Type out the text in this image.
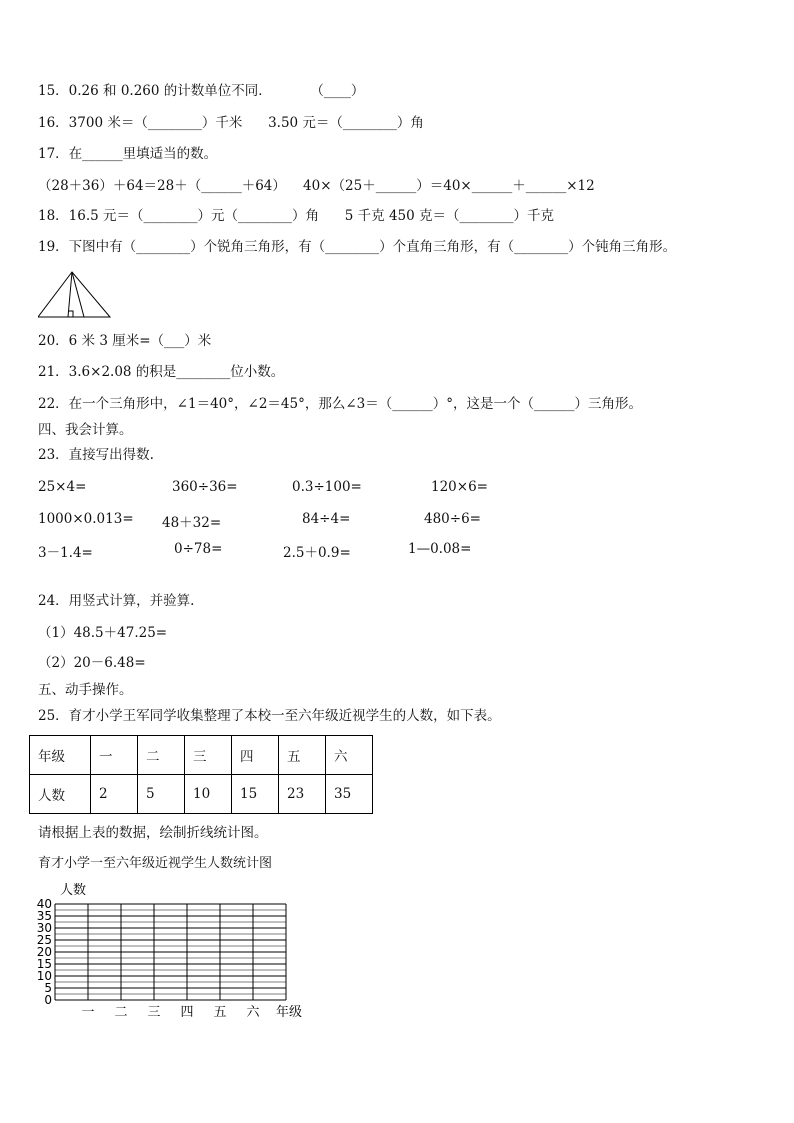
15．0.26 和 0.260 的计数单位不同．         （____）
16．3700 米＝（________）千米      3.50 元＝（________）角
17．在______里填适当的数。
（28＋36）＋64＝28＋（______＋64）    40×（25＋______）＝40×______＋______×12
18．16.5 元＝（________）元（________）角      5 千克 450 克＝（________）千克
19．下图中有（________）个锐角三角形，有（________）个直角三角形，有（________）个钝角三角形。
20．6 米 3 厘米=（___）米
21．3.6×2.08 的积是________位小数。
22．在一个三角形中，∠1＝40°，∠2＝45°，那么∠3＝（______）°，这是一个（______）三角形。
四、我会计算。
23．直接写出得数.
25×4=	360÷36=	0.3÷100=	120×6=
1000×0.013= 48＋32=	84÷4=	480÷6=
3－1.4=	0÷78=	2.5＋0.9=	1—0.08=
24．用竖式计算，并验算.
（1）48.5＋47.25=
（2）20－6.48=
五、动手操作。
25．育才小学王军同学收集整理了本校一至六年级近视学生的人数，如下表。
年级	一	二	三	四	五	六
人数	2	5	10	15	23	35
请根据上表的数据，绘制折线统计图。
育才小学一至六年级近视学生人数统计图
0
5
10
15
20
25
30
35
40
一 二 三 四 五 六
人数
年级
